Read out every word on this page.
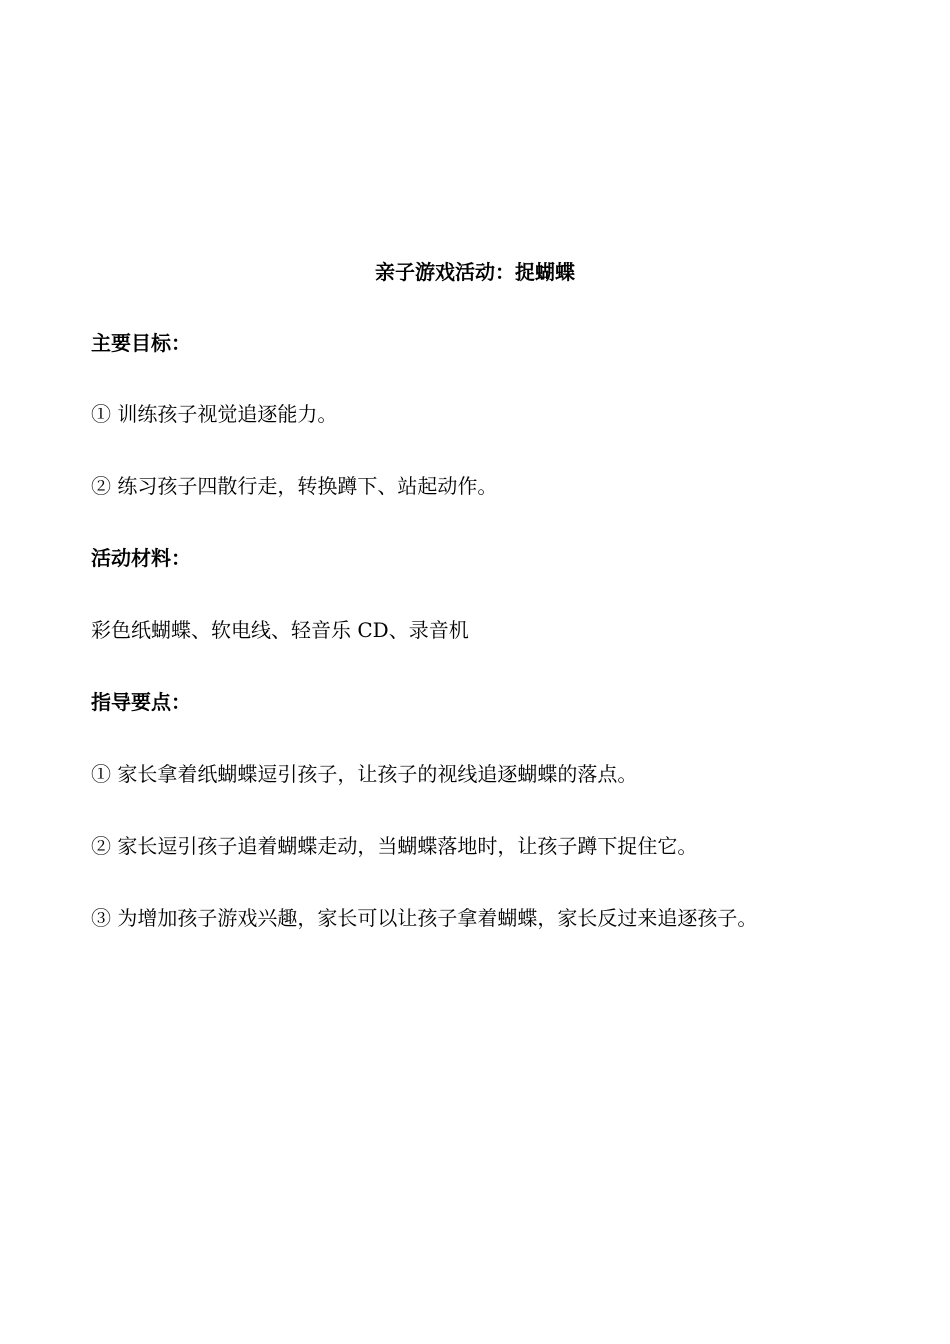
亲子游戏活动：捉蝴蝶
主要目标：
① 训练孩子视觉追逐能力。
② 练习孩子四散行走，转换蹲下、站起动作。
活动材料：
彩色纸蝴蝶、软电线、轻音乐 CD、录音机
指导要点：
① 家长拿着纸蝴蝶逗引孩子，让孩子的视线追逐蝴蝶的落点。
② 家长逗引孩子追着蝴蝶走动，当蝴蝶落地时，让孩子蹲下捉住它。
③ 为增加孩子游戏兴趣，家长可以让孩子拿着蝴蝶，家长反过来追逐孩子。
